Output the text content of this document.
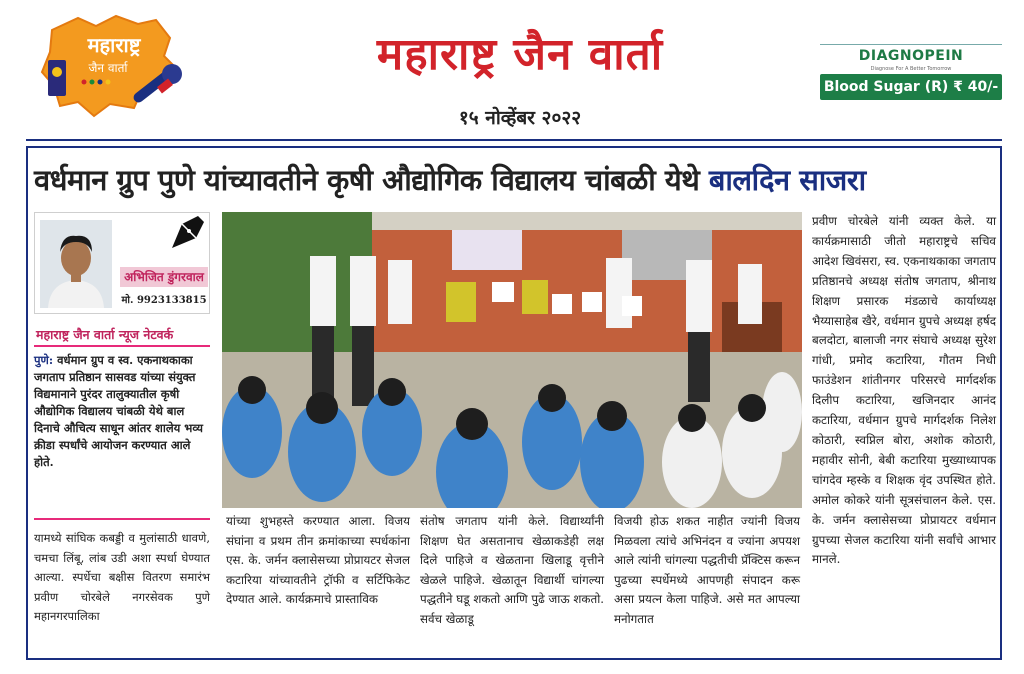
महाराष्ट्र
जैन वार्ता	महाराष्ट्र जैन वार्ता
१५ नोव्हेंबर २०२२
DIAGNOPEIN
Diagnose For A Better Tomorrow
Blood Sugar (R) ₹ 40/-
वर्धमान ग्रुप पुणे यांच्यावतीने कृषी औद्योगिक विद्यालय चांबळी येथे बालदिन साजरा
अभिजित डुंगरवाल
मो. 9923133815
महाराष्ट्र जैन वार्ता न्यूज नेटवर्क
पुणे: वर्धमान ग्रुप व स्व. एकनाथकाका जगताप प्रतिष्ठान सासवड यांच्या संयुक्त विद्यमानाने पुरंदर तालुक्यातील कृषी औद्योगिक विद्यालय चांबळी येथे बाल दिनाचे औचित्य साधून आंतर शालेय भव्य क्रीडा स्पर्धांचे आयोजन करण्यात आले होते.
यामध्ये सांघिक कबड्डी व मुलांसाठी धावणे, चमचा लिंबू, लांब उडी अशा स्पर्धा घेण्यात आल्या. स्पर्धेचा बक्षीस वितरण समारंभ प्रवीण चोरबेले नगरसेवक पुणे महानगरपालिका
यांच्या शुभहस्ते करण्यात आला. विजय संघांना व प्रथम तीन क्रमांकाच्या स्पर्धकांना एस. के. जर्मन क्लासेसच्या प्रोप्रायटर सेजल कटारिया यांच्यावतीने ट्रॉफी व सर्टिफिकेट देण्यात आले. कार्यक्रमाचे प्रास्ताविक
संतोष जगताप यांनी केले. विद्यार्थ्यांनी शिक्षण घेत असतानाच खेळाकडेही लक्ष दिले पाहिजे व खेळताना खिलाडू वृत्तीने खेळले पाहिजे. खेळातून विद्यार्थी चांगल्या पद्धतीने घडू शकतो आणि पुढे जाऊ शकतो. सर्वच खेळाडू
विजयी होऊ शकत नाहीत ज्यांनी विजय मिळवला त्यांचे अभिनंदन व ज्यांना अपयश आले त्यांनी चांगल्या पद्धतीची प्रॅक्टिस करून पुढच्या स्पर्धेमध्ये आपणही संपादन करू असा प्रयत्न केला पाहिजे. असे मत आपल्या मनोगतात
प्रवीण चोरबेले यांनी व्यक्त केले. या कार्यक्रमासाठी जीतो महाराष्ट्रचे सचिव आदेश खिवंसरा, स्व. एकनाथकाका जगताप प्रतिष्ठानचे अध्यक्ष संतोष जगताप, श्रीनाथ शिक्षण प्रसारक मंडळाचे कार्याध्यक्ष भैय्यासाहेब खैरे, वर्धमान ग्रुपचे अध्यक्ष हर्षद बलदोटा, बालाजी नगर संघाचे अध्यक्ष सुरेश गांधी, प्रमोद कटारिया, गौतम निधी फाउंडेशन शांतीनगर परिसरचे मार्गदर्शक दिलीप कटारिया, खजिनदार आनंद कटारिया, वर्धमान ग्रुपचे मार्गदर्शक निलेश कोठारी, स्वप्निल बोरा, अशोक कोठारी, महावीर सोनी, बेबी कटारिया मुख्याध्यापक चांगदेव म्हस्के व शिक्षक वृंद उपस्थित होते. अमोल कोकरे यांनी सूत्रसंचालन केले. एस. के. जर्मन क्लासेसच्या प्रोप्रायटर वर्धमान ग्रुपच्या सेजल कटारिया यांनी सर्वांचे आभार मानले.
